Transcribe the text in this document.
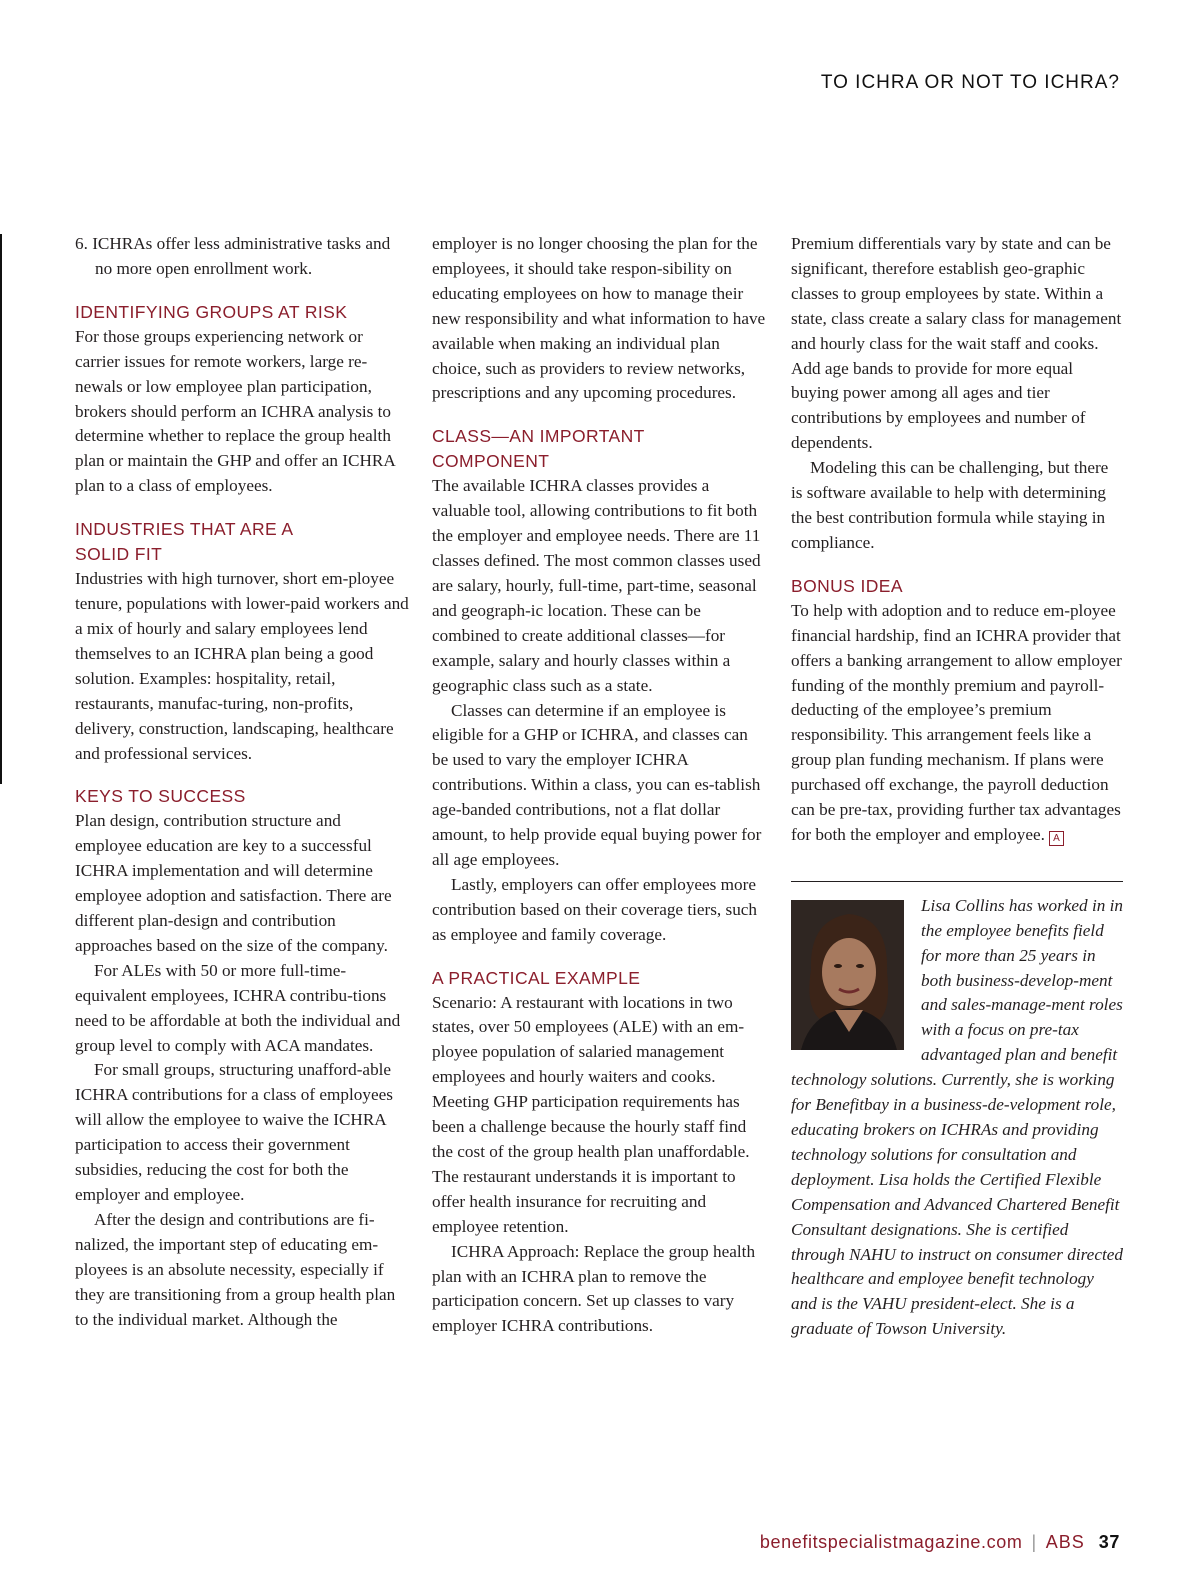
TO ICHRA OR NOT TO ICHRA?

6. ICHRAs offer less administrative tasks and no more open enrollment work.

IDENTIFYING GROUPS AT RISK

For those groups experiencing network or carrier issues for remote workers, large re-newals or low employee plan participation, brokers should perform an ICHRA analysis to determine whether to replace the group health plan or maintain the GHP and offer an ICHRA plan to a class of employees.

INDUSTRIES THAT ARE A SOLID FIT

Industries with high turnover, short em-ployee tenure, populations with lower-paid workers and a mix of hourly and salary employees lend themselves to an ICHRA plan being a good solution. Examples: hospitality, retail, restaurants, manufac-turing, non-profits, delivery, construction, landscaping, healthcare and professional services.

KEYS TO SUCCESS

Plan design, contribution structure and employee education are key to a successful ICHRA implementation and will determine employee adoption and satisfaction. There are different plan-design and contribution approaches based on the size of the company.

For ALEs with 50 or more full-time-equivalent employees, ICHRA contribu-tions need to be affordable at both the individual and group level to comply with ACA mandates.

For small groups, structuring unafford-able ICHRA contributions for a class of employees will allow the employee to waive the ICHRA participation to access their government subsidies, reducing the cost for both the employer and employee.

After the design and contributions are fi-nalized, the important step of educating em-ployees is an absolute necessity, especially if they are transitioning from a group health plan to the individual market. Although the

employer is no longer choosing the plan for the employees, it should take respon-sibility on educating employees on how to manage their new responsibility and what information to have available when making an individual plan choice, such as providers to review networks, prescriptions and any upcoming procedures.

CLASS—AN IMPORTANT COMPONENT

The available ICHRA classes provides a valuable tool, allowing contributions to fit both the employer and employee needs. There are 11 classes defined. The most common classes used are salary, hourly, full-time, part-time, seasonal and geograph-ic location. These can be combined to create additional classes—for example, salary and hourly classes within a geographic class such as a state.

Classes can determine if an employee is eligible for a GHP or ICHRA, and classes can be used to vary the employer ICHRA contributions. Within a class, you can es-tablish age-banded contributions, not a flat dollar amount, to help provide equal buying power for all age employees.

Lastly, employers can offer employees more contribution based on their coverage tiers, such as employee and family coverage.

A PRACTICAL EXAMPLE

Scenario: A restaurant with locations in two states, over 50 employees (ALE) with an em-ployee population of salaried management employees and hourly waiters and cooks. Meeting GHP participation requirements has been a challenge because the hourly staff find the cost of the group health plan unaffordable. The restaurant understands it is important to offer health insurance for recruiting and employee retention.

ICHRA Approach: Replace the group health plan with an ICHRA plan to remove the participation concern. Set up classes to vary employer ICHRA contributions.

Premium differentials vary by state and can be significant, therefore establish geo-graphic classes to group employees by state. Within a state, class create a salary class for management and hourly class for the wait staff and cooks. Add age bands to provide for more equal buying power among all ages and tier contributions by employees and number of dependents.

Modeling this can be challenging, but there is software available to help with determining the best contribution formula while staying in compliance.

BONUS IDEA

To help with adoption and to reduce em-ployee financial hardship, find an ICHRA provider that offers a banking arrangement to allow employer funding of the monthly premium and payroll-deducting of the employee’s premium responsibility. This arrangement feels like a group plan funding mechanism. If plans were purchased off exchange, the payroll deduction can be pre-tax, providing further tax advantages for both the employer and employee. A

Lisa Collins has worked in in the employee benefits field for more than 25 years in both business-develop-ment and sales-manage-ment roles with a focus on pre-tax advantaged plan and benefit technology solutions. Currently, she is working for Benefitbay in a business-de-velopment role, educating brokers on ICHRAs and providing technology solutions for consultation and deployment. Lisa holds the Certified Flexible Compensation and Advanced Chartered Benefit Consultant designations. She is certified through NAHU to instruct on consumer directed healthcare and employee benefit technology and is the VAHU president-elect. She is a graduate of Towson University.
benefitspecialistmagazine.com | ABS 37
